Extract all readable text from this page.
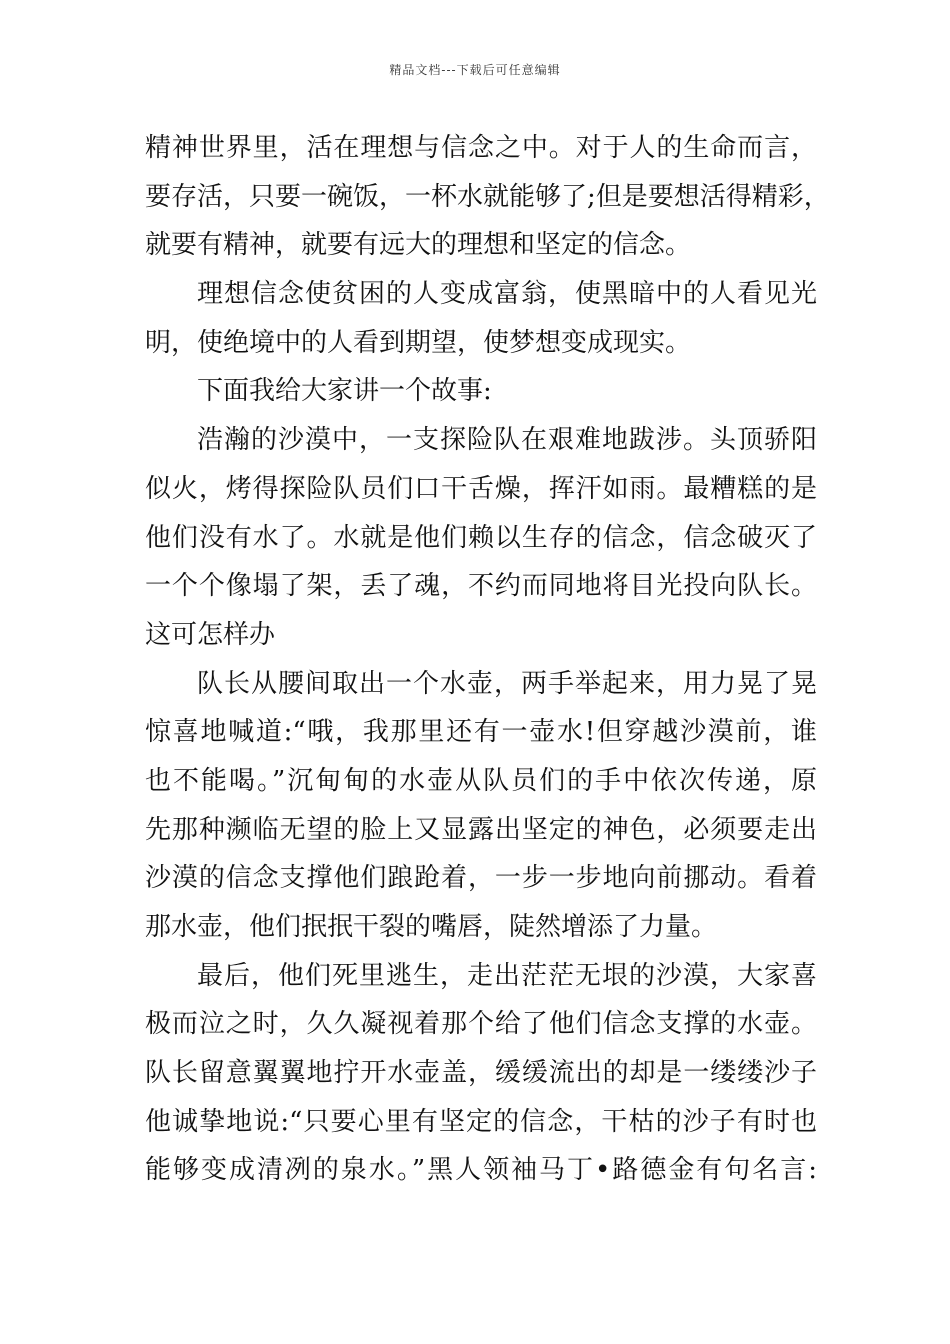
精品文档---下载后可任意编辑
精神世界里，活在理想与信念之中。对于人的生命而言，
要存活，只要一碗饭，一杯水就能够了;但是要想活得精彩，
就要有精神，就要有远大的理想和坚定的信念。
理想信念使贫困的人变成富翁，使黑暗中的人看见光
明，使绝境中的人看到期望，使梦想变成现实。
下面我给大家讲一个故事:
浩瀚的沙漠中，一支探险队在艰难地跋涉。头顶骄阳
似火，烤得探险队员们口干舌燥，挥汗如雨。最糟糕的是
他们没有水了。水就是他们赖以生存的信念，信念破灭了
一个个像塌了架，丢了魂，不约而同地将目光投向队长。
这可怎样办
队长从腰间取出一个水壶，两手举起来，用力晃了晃
惊喜地喊道:“哦，我那里还有一壶水!但穿越沙漠前，谁
也不能喝。”沉甸甸的水壶从队员们的手中依次传递，原
先那种濒临无望的脸上又显露出坚定的神色，必须要走出
沙漠的信念支撑他们踉跄着，一步一步地向前挪动。看着
那水壶，他们抿抿干裂的嘴唇，陡然增添了力量。
最后，他们死里逃生，走出茫茫无垠的沙漠，大家喜
极而泣之时，久久凝视着那个给了他们信念支撑的水壶。
队长留意翼翼地拧开水壶盖，缓缓流出的却是一缕缕沙子
他诚挚地说:“只要心里有坚定的信念，干枯的沙子有时也
能够变成清冽的泉水。”黑人领袖马丁•路德金有句名言:
